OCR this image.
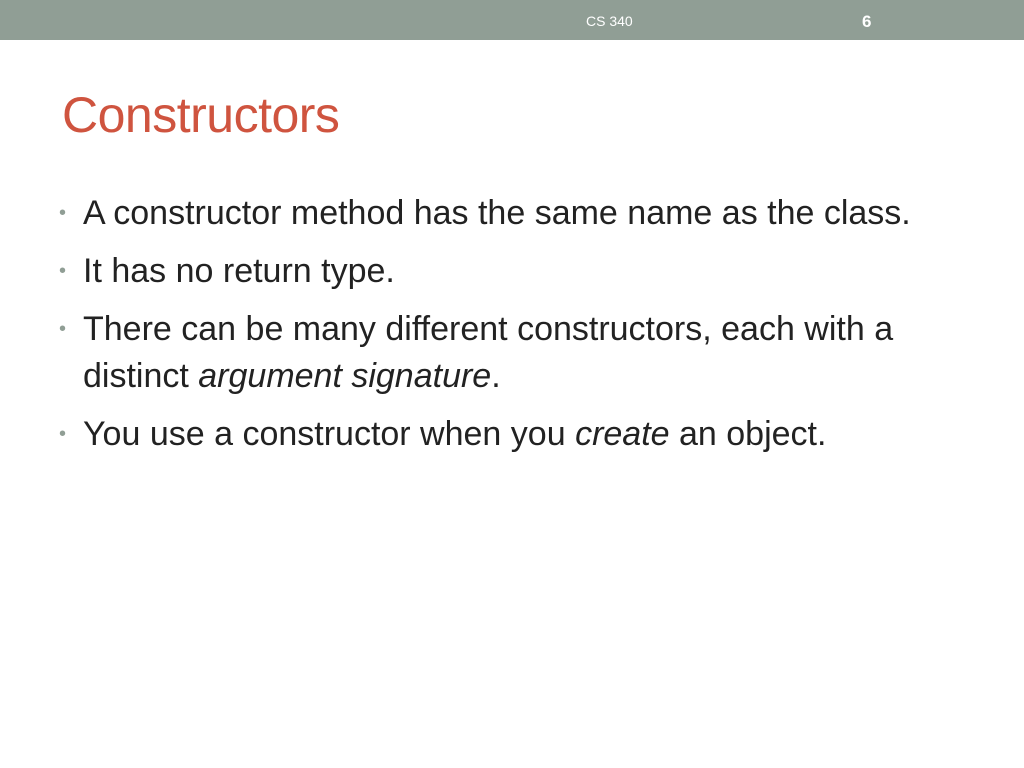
CS 340	6
Constructors
• A constructor method has the same name as the class.
• It has no return type.
• There can be many different constructors, each with a distinct argument signature.
• You use a constructor when you create an object.
